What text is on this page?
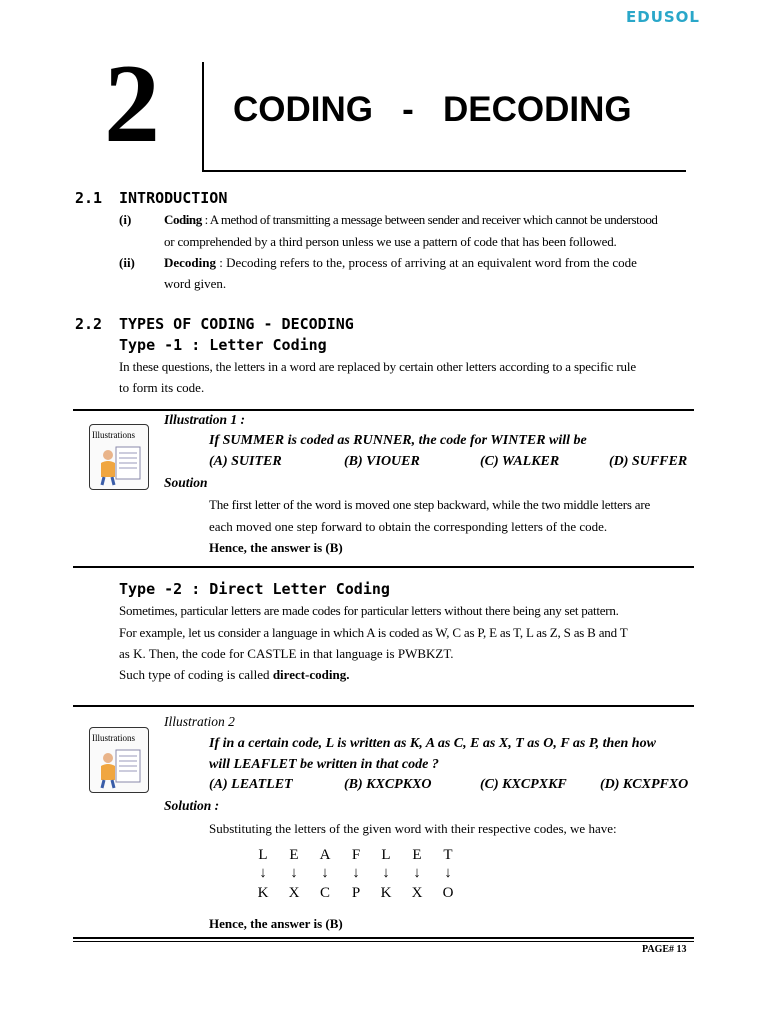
EDUSOL
2 CODING   -   DECODING
2.1 INTRODUCTION
(i)	Coding : A method of transmitting a message between sender and receiver which cannot be understood
or comprehended by a third person unless we use a pattern of code that has been followed.
(ii) Decoding : Decoding refers to the, process of arriving at an equivalent word from the code
word given.
2.2 TYPES OF CODING - DECODING
Type -1 : Letter Coding
In these questions, the letters in a word are replaced by certain other letters according to a specific rule
to form its code.
Illustrations
Illustration 1 :
If SUMMER is coded as RUNNER, the code for WINTER will be
(A) SUITER	(B) VIOUER	(C) WALKER	(D) SUFFER
Soution
The first letter of the word is moved one step backward, while the two middle letters are
each moved one step forward to obtain the corresponding letters of the code.
Hence, the answer is (B)
Type -2 : Direct Letter Coding
Sometimes, particular letters are made codes for particular letters without there being any set pattern.
For example, let us consider a language in which A is coded as W, C as P, E as T, L as Z, S as B and T
as K. Then, the code for CASTLE in that language is PWBKZT.
Such type of coding is called direct-coding.
Illustrations
Illustration 2
If in a certain code, L is written as K, A as C, E as X, T as O, F as P, then how
will LEAFLET be written in that code ?
(A) LEATLET	(B) KXCPKXO	(C) KXCPXKF (D) KCXPFXO
Solution :
Substituting the letters of the given word with their respective codes, we have:
L	E	A	F	L	E	T
↓	↓	↓	↓	↓	↓	↓
K	X	C	P	K	X	O
Hence, the answer is (B)
PAGE# 13
